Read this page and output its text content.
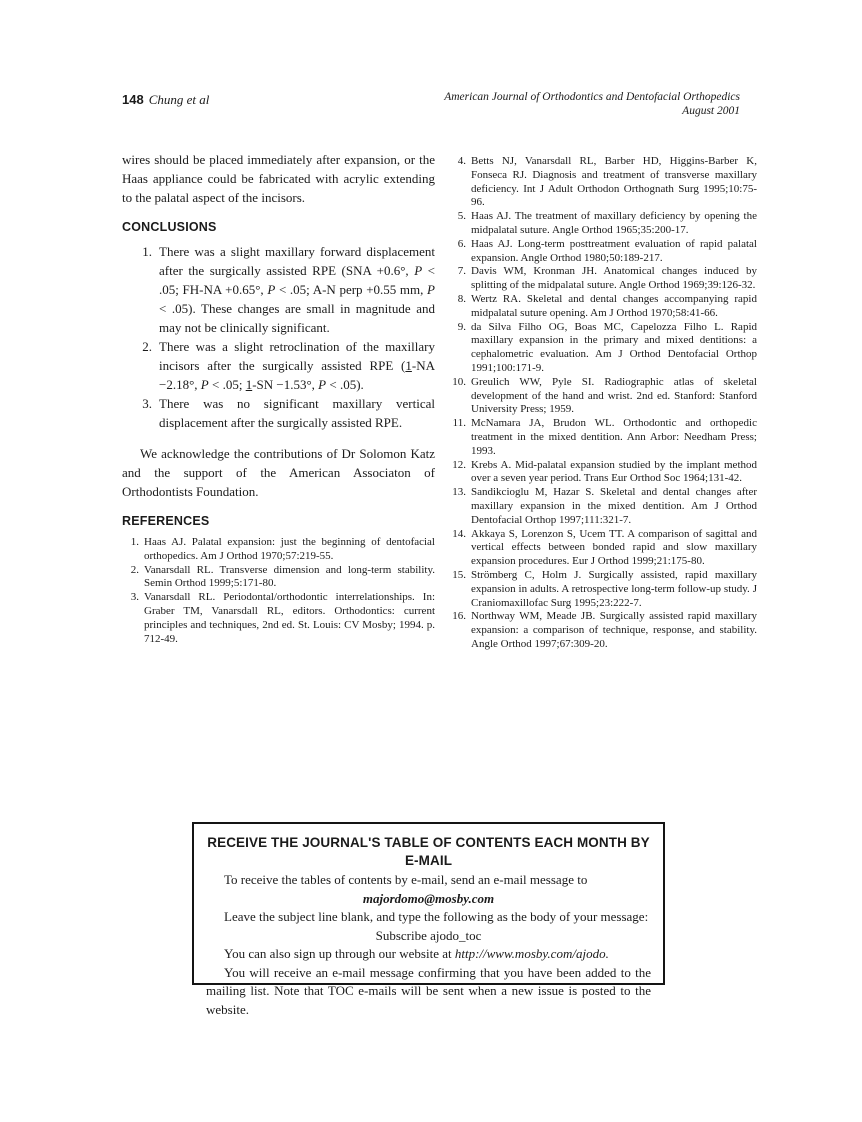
148 Chung et al	American Journal of Orthodontics and Dentofacial Orthopedics
August 2001

wires should be placed immediately after expansion, or the Haas appliance could be fabricated with acrylic extending to the palatal aspect of the incisors.

CONCLUSIONS
1. There was a slight maxillary forward displacement after the surgically assisted RPE (SNA +0.6°, P < .05; FH-NA +0.65°, P < .05; A-N perp +0.55 mm, P < .05). These changes are small in magnitude and may not be clinically significant.
2. There was a slight retroclination of the maxillary incisors after the surgically assisted RPE (1-NA −2.18°, P < .05; 1-SN −1.53°, P < .05).
3. There was no significant maxillary vertical displacement after the surgically assisted RPE.

We acknowledge the contributions of Dr Solomon Katz and the support of the American Associaton of Orthodontists Foundation.

REFERENCES
1. Haas AJ. Palatal expansion: just the beginning of dentofacial orthopedics. Am J Orthod 1970;57:219-55.
2. Vanarsdall RL. Transverse dimension and long-term stability. Semin Orthod 1999;5:171-80.
3. Vanarsdall RL. Periodontal/orthodontic interrelationships. In: Graber TM, Vanarsdall RL, editors. Orthodontics: current principles and techniques, 2nd ed. St. Louis: CV Mosby; 1994. p. 712-49.
4. Betts NJ, Vanarsdall RL, Barber HD, Higgins-Barber K, Fonseca RJ. Diagnosis and treatment of transverse maxillary deficiency. Int J Adult Orthodon Orthognath Surg 1995;10:75-96.
5. Haas AJ. The treatment of maxillary deficiency by opening the midpalatal suture. Angle Orthod 1965;35:200-17.
6. Haas AJ. Long-term posttreatment evaluation of rapid palatal expansion. Angle Orthod 1980;50:189-217.
7. Davis WM, Kronman JH. Anatomical changes induced by splitting of the midpalatal suture. Angle Orthod 1969;39:126-32.
8. Wertz RA. Skeletal and dental changes accompanying rapid midpalatal suture opening. Am J Orthod 1970;58:41-66.
9. da Silva Filho OG, Boas MC, Capelozza Filho L. Rapid maxillary expansion in the primary and mixed dentitions: a cephalometric evaluation. Am J Orthod Dentofacial Orthop 1991;100:171-9.
10. Greulich WW, Pyle SI. Radiographic atlas of skeletal development of the hand and wrist. 2nd ed. Stanford: Stanford University Press; 1959.
11. McNamara JA, Brudon WL. Orthodontic and orthopedic treatment in the mixed dentition. Ann Arbor: Needham Press; 1993.
12. Krebs A. Mid-palatal expansion studied by the implant method over a seven year period. Trans Eur Orthod Soc 1964;131-42.
13. Sandikcioglu M, Hazar S. Skeletal and dental changes after maxillary expansion in the mixed dentition. Am J Orthod Dentofacial Orthop 1997;111:321-7.
14. Akkaya S, Lorenzon S, Ucem TT. A comparison of sagittal and vertical effects between bonded rapid and slow maxillary expansion procedures. Eur J Orthod 1999;21:175-80.
15. Strömberg C, Holm J. Surgically assisted, rapid maxillary expansion in adults. A retrospective long-term follow-up study. J Craniomaxillofac Surg 1995;23:222-7.
16. Northway WM, Meade JB. Surgically assisted rapid maxillary expansion: a comparison of technique, response, and stability. Angle Orthod 1997;67:309-20.
RECEIVE THE JOURNAL'S TABLE OF CONTENTS EACH MONTH BY E-MAIL

To receive the tables of contents by e-mail, send an e-mail message to

majordomo@mosby.com

Leave the subject line blank, and type the following as the body of your message:

Subscribe ajodo_toc

You can also sign up through our website at http://www.mosby.com/ajodo.

You will receive an e-mail message confirming that you have been added to the mailing list. Note that TOC e-mails will be sent when a new issue is posted to the website.
